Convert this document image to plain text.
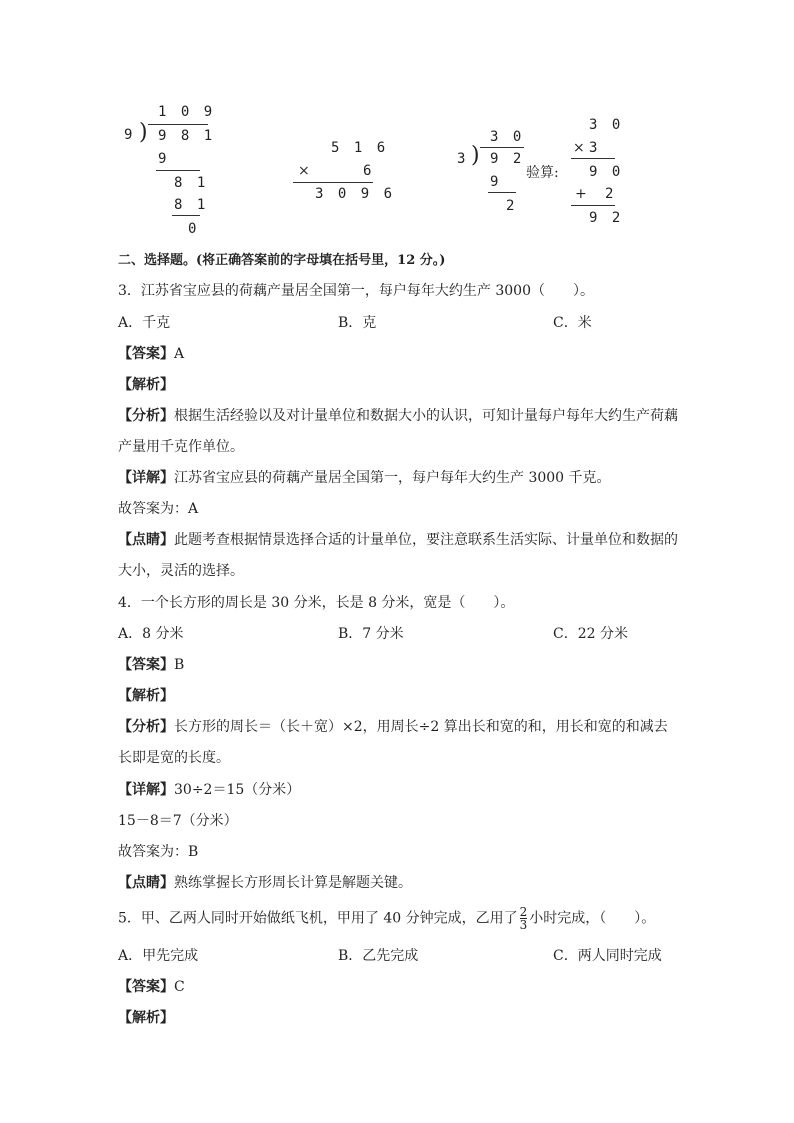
1 0 9
9 ) 9 8 1
9
8 1
8 1
0
5 1 6
×	6
3 0 9 6
3 0
3 ) 9 2
9
2
验算:
3 0
× 3
9 0
+ 2
9 2
二、选择题。(将正确答案前的字母填在括号里，12 分。)
3．江苏省宝应县的荷藕产量居全国第一，每户每年大约生产 3000（　　）。
A．千克	B．克	C．米
【答案】A
【解析】
【分析】根据生活经验以及对计量单位和数据大小的认识，可知计量每户每年大约生产荷藕
产量用千克作单位。
【详解】江苏省宝应县的荷藕产量居全国第一，每户每年大约生产 3000 千克。
故答案为：A
【点睛】此题考查根据情景选择合适的计量单位，要注意联系生活实际、计量单位和数据的
大小，灵活的选择。
4．一个长方形的周长是 30 分米，长是 8 分米，宽是（　　）。
A．8 分米	B．7 分米	C．22 分米
【答案】B
【解析】
【分析】长方形的周长＝（长＋宽）×2，用周长÷2 算出长和宽的和，用长和宽的和减去
长即是宽的长度。
【详解】30÷2＝15（分米）
15－8＝7（分米）
故答案为：B
【点睛】熟练掌握长方形周长计算是解题关键。
5．甲、乙两人同时开始做纸飞机，甲用了 40 分钟完成，乙用了 $\frac{2}{3}$ 小时完成，（　　）。
A．甲先完成	B．乙先完成	C．两人同时完成
【答案】C
【解析】
